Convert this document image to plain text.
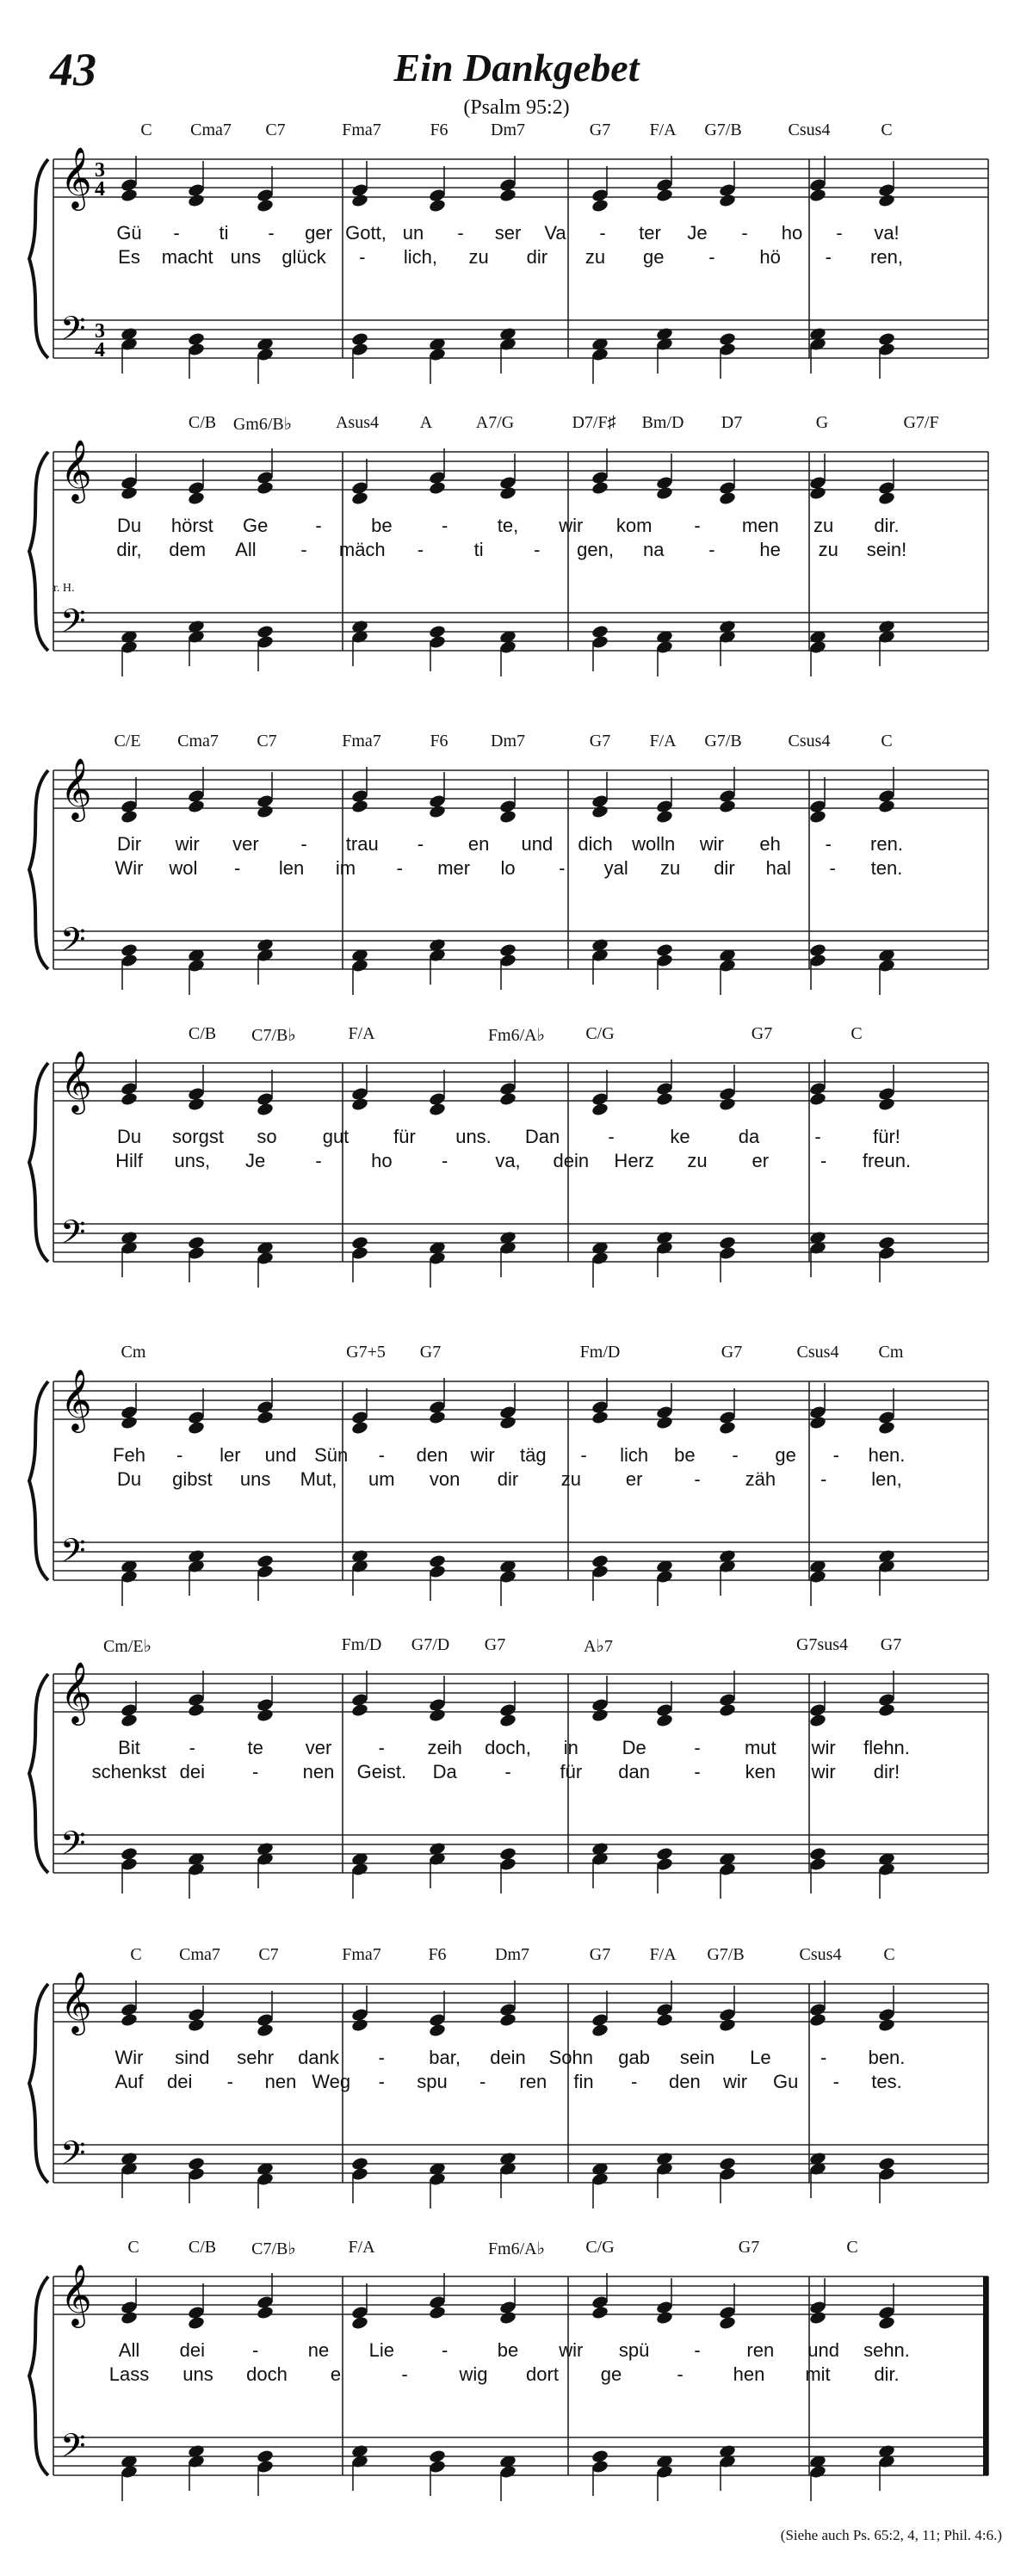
43	Ein Dankgebet
(Psalm 95:2)
𝄞
𝄢
3
4
3
4
C Cma7 C7	Fma7	F6 Dm7	G7 F/A G7/B	Csus4	C
Gü - ti - ger Gott, un - ser Va - ter Je - ho - va!
Es macht uns glück - lich, zu dir zu ge - hö - ren,
𝄞
𝄢
C/B Gm6/B♭	Asus4 A	A7/G	D7/F♯ Bm/D D7	G	G7/F
Du hörst Ge	-	be	-	te, wir kom - men zu dir.
dir, dem All - mäch -	ti	- gen, na - he zu sein!
r. H.
𝄞
𝄢
C/E Cma7 C7	Fma7	F6 Dm7	G7 F/A G7/B	Csus4	C
Dir wir ver - trau - en und dich wolln wir eh - ren.
Wir wol - len im - mer lo - yal zu dir hal - ten.
𝄞
𝄢
C/B C7/B♭	F/A	Fm6/A♭ C/G	G7	C
Du sorgst so gut für uns. Dan	-	ke	da	-	für!
Hilf uns, Je	-	ho	-	va, dein Herz zu er	- freun.
𝄞
𝄢
Cm	G7+5 G7	Fm/D	G7	Csus4 Cm
Feh - ler und Sün - den wir täg - lich be - ge - hen.
Du gibst uns Mut, um von dir zu er	- zäh - len,
𝄞
𝄢
Cm/E♭	Fm/D G7/D G7	A♭7	G7sus4 G7
Bit	-	te ver - zeih doch, in De	- mut wir flehn.
schenkst dei - nen Geist. Da	-	für dan - ken wir dir!
𝄞
𝄢
C Cma7 C7	Fma7	F6	Dm7	G7 F/A G7/B	Csus4 C
Wir sind sehr dank - bar, dein Sohn gab sein Le	- ben.
Auf dei - nen Weg - spu - ren fin - den wir Gu - tes.
𝄞
𝄢
C	C/B C7/B♭	F/A	Fm6/A♭ C/G	G7	C
All dei -	ne Lie -	be wir spü - ren und sehn.
Lass uns doch e	-	wig dort ge	-	hen mit dir.
(Siehe auch Ps. 65:2, 4, 11; Phil. 4:6.)
